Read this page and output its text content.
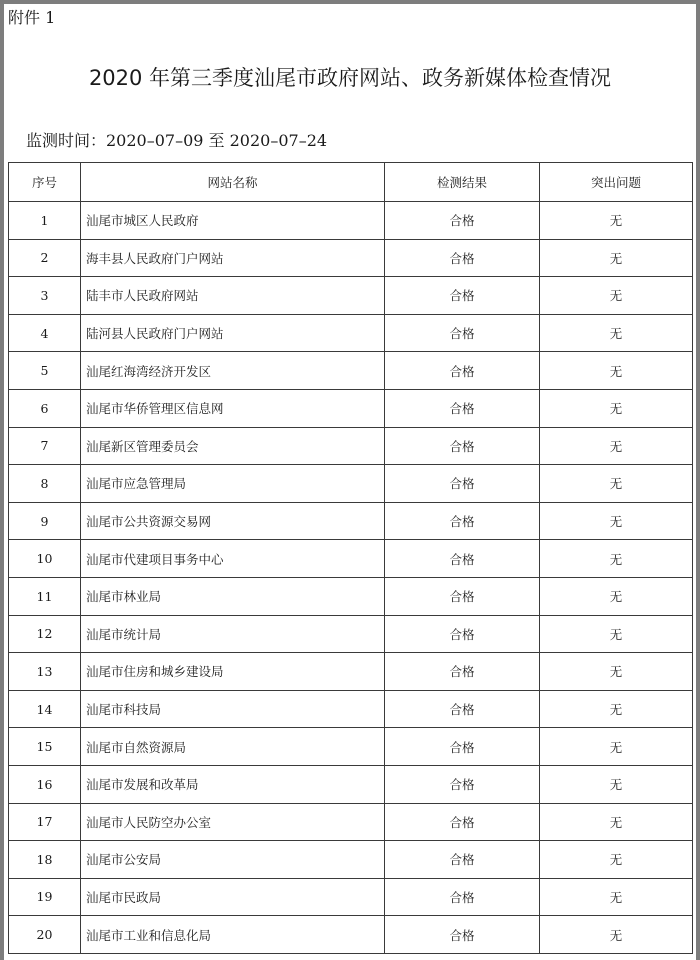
附件 1
2020 年第三季度汕尾市政府网站、政务新媒体检查情况
监测时间：2020–07–09 至 2020–07–24
序号	网站名称	检测结果	突出问题
1	汕尾市城区人民政府	合格	无
2	海丰县人民政府门户网站	合格	无
3	陆丰市人民政府网站	合格	无
4	陆河县人民政府门户网站	合格	无
5	汕尾红海湾经济开发区	合格	无
6	汕尾市华侨管理区信息网	合格	无
7	汕尾新区管理委员会	合格	无
8	汕尾市应急管理局	合格	无
9	汕尾市公共资源交易网	合格	无
10	汕尾市代建项目事务中心	合格	无
11	汕尾市林业局	合格	无
12	汕尾市统计局	合格	无
13	汕尾市住房和城乡建设局	合格	无
14	汕尾市科技局	合格	无
15	汕尾市自然资源局	合格	无
16	汕尾市发展和改革局	合格	无
17	汕尾市人民防空办公室	合格	无
18	汕尾市公安局	合格	无
19	汕尾市民政局	合格	无
20	汕尾市工业和信息化局	合格	无
